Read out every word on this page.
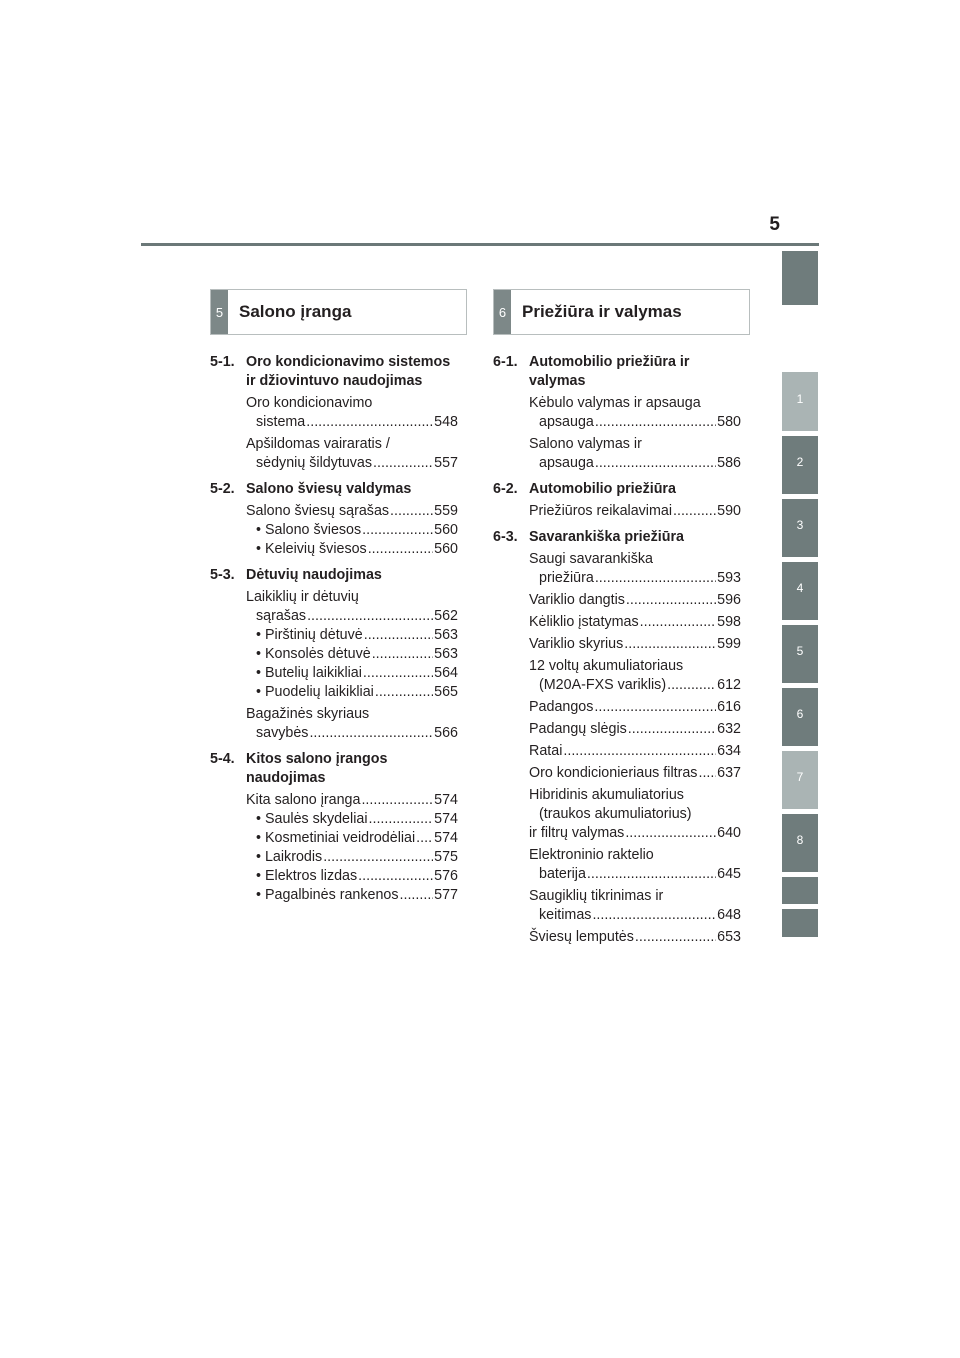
5
1
2
3
4
5
6
7
8
5 Salono įranga	6 Priežiūra ir valymas
5-1. Oro kondicionavimo sistemos ir džiovintuvo naudojimas
Oro kondicionavimo
sistema .....	548
Apšildomas vairaratis /
sėdynių šildytuvas .....	557
5-2. Salono šviesų valdymas
Salono šviesų sąrašas .....	559
• Salono šviesos .....	560
• Keleivių šviesos .....	560
5-3. Dėtuvių naudojimas
Laikiklių ir dėtuvių
sąrašas .....	562
• Pirštinių dėtuvė .....	563
• Konsolės dėtuvė .....	563
• Butelių laikikliai .....	564
• Puodelių laikikliai .....	565
Bagažinės skyriaus
savybės .....	566
5-4. Kitos salono įrangos naudojimas
Kita salono įranga .....	574
• Saulės skydeliai .....	574
• Kosmetiniai veidrodėliai ..... 574
• Laikrodis .....	575
• Elektros lizdas .....	576
• Pagalbinės rankenos ..... 577
6-1. Automobilio priežiūra ir valymas
Kėbulo valymas ir apsauga
apsauga .....	580
Salono valymas ir
apsauga .....	586
6-2. Automobilio priežiūra
Priežiūros reikalavimai .....	590
6-3. Savarankiška priežiūra
Saugi savarankiška
priežiūra .....	593
Variklio dangtis .....	596
Kėliklio įstatymas .....	598
Variklio skyrius .....	599
12 voltų akumuliatoriaus
(M20A-FXS variklis) .....	612
Padangos .....	616
Padangų slėgis .....	632
Ratai .....	634
Oro kondicionieriaus filtras ..... 637
Hibridinis akumuliatorius
(traukos akumuliatorius)
ir filtrų valymas .....	640
Elektroninio raktelio
baterija .....	645
Saugiklių tikrinimas ir
keitimas .....	648
Šviesų lemputės .....	653
